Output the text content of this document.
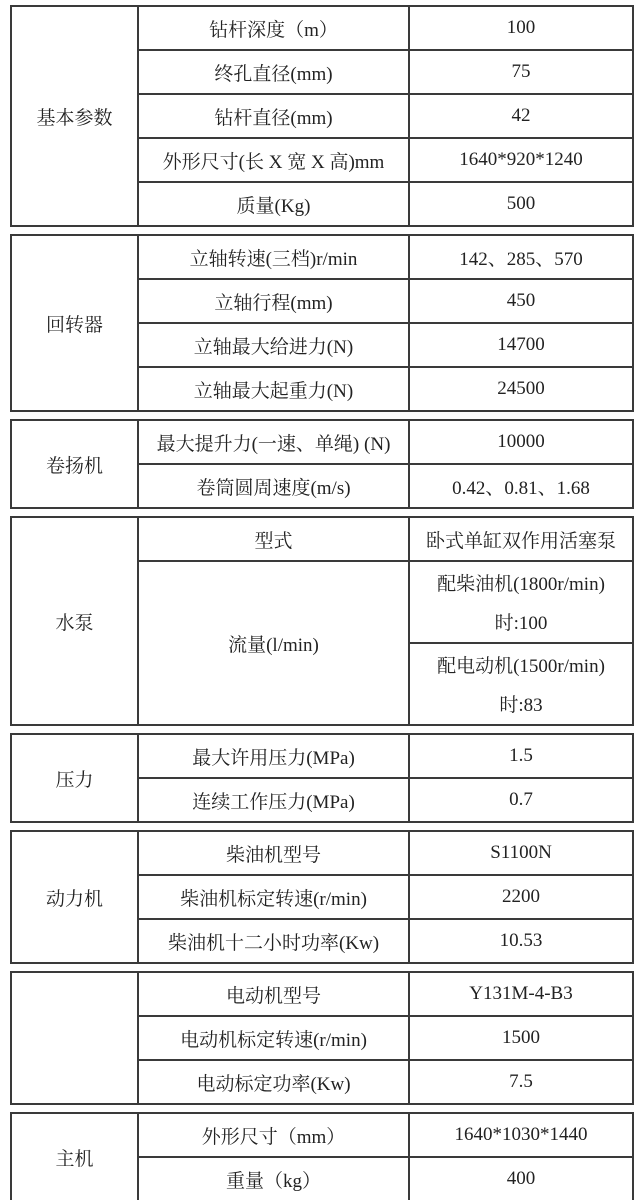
基本参数	钻杆深度（m）	100
	终孔直径(mm)	75
	钻杆直径(mm)	42
	外形尺寸(长 X 宽 X 高)mm	1640*920*1240
	质量(Kg)	500
回转器	立轴转速(三档)r/min	142、285、570
	立轴行程(mm)	450
	立轴最大给进力(N)	14700
	立轴最大起重力(N)	24500
卷扬机	最大提升力(一速、单绳) (N)	10000
	卷筒圆周速度(m/s)	0.42、0.81、1.68
水泵	型式	卧式单缸双作用活塞泵
	流量(l/min)	配柴油机(1800r/min)
时:100

		配电动机(1500r/min)
时:83
压力	最大许用压力(MPa)	1.5
	连续工作压力(MPa)	0.7
动力机	柴油机型号	S1100N
	柴油机标定转速(r/min)	2200
	柴油机十二小时功率(Kw)	10.53
	电动机型号	Y131M-4-B3
	电动机标定转速(r/min)	1500
	电动标定功率(Kw)	7.5
主机	外形尺寸（mm）	1640*1030*1440
	重量（kg）	400
